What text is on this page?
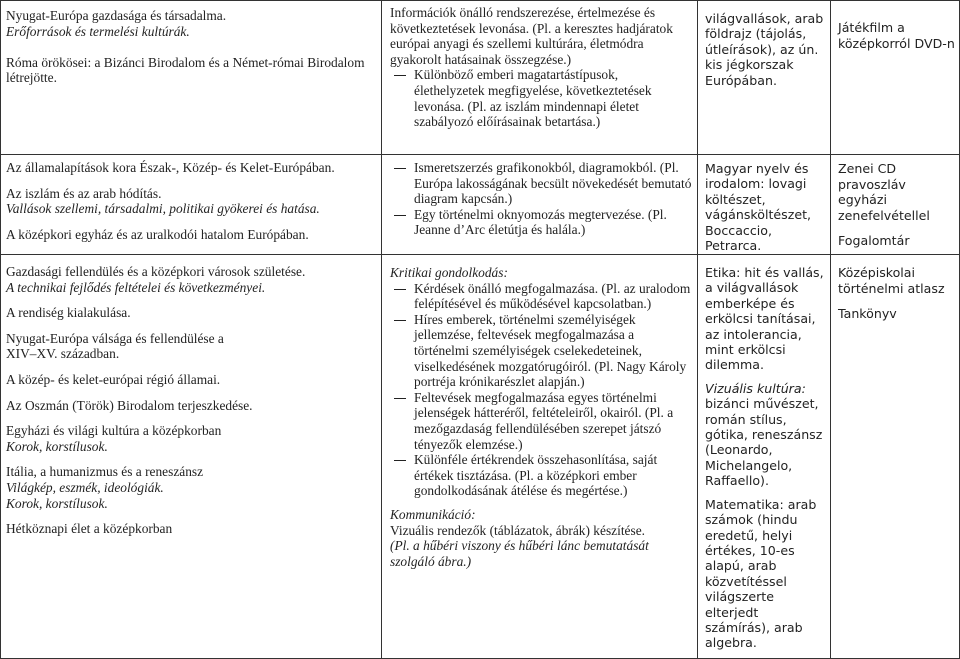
Nyugat-Európa gazdasága és társadalma.

Erőforrások és termelési kultúrák.

Róma örökösei: a Bizánci Birodalom és a Német-római Birodalom létrejötte.

Az államalapítások kora Észak-, Közép- és Kelet-Európában.

Az iszlám és az arab hódítás.

Vallások szellemi, társadalmi, politikai gyökerei és hatása.

A középkori egyház és az uralkodói hatalom Európában.

Gazdasági fellendülés és a középkori városok születése.

A technikai fejlődés feltételei és következményei.

A rendiség kialakulása.

Nyugat-Európa válsága és fellendülése a XIV–XV. században.

A közép- és kelet-európai régió államai.

Az Oszmán (Török) Birodalom terjeszkedése.

Egyházi és világi kultúra a középkorban

Korok, korstílusok.

Itália, a humanizmus és a reneszánsz

Világkép, eszmék, ideológiák.

Korok, korstílusok.

Hétköznapi élet a középkorban

Információk önálló rendszerezése, értelmezése és következtetések levonása. (Pl. a keresztes hadjáratok európai anyagi és szellemi kultúrára, életmódra gyakorolt hatásainak összegzése.)

Különböző emberi magatartástípusok, élethelyzetek megfigyelése, következtetések levonása. (Pl. az iszlám mindennapi életet szabályozó előírásainak betartása.)
Ismeretszerzés grafikonokból, diagramokból. (Pl. Európa lakosságának becsült növekedését bemutató diagram kapcsán.)
Egy történelmi oknyomozás megtervezése. (Pl. Jeanne d’Arc életútja és halála.)

Kritikai gondolkodás:

Kérdések önálló megfogalmazása. (Pl. az uralodom felépítésével és működésével kapcsolatban.)
Híres emberek, történelmi személyiségek jellemzése, feltevések megfogalmazása a történelmi személyiségek cselekedeteinek, viselkedésének mozgatórugóiról. (Pl. Nagy Károly portréja krónikarészlet alapján.)
Feltevések megfogalmazása egyes történelmi jelenségek hátteréről, feltételeiről, okairól. (Pl. a mezőgazdaság fellendülésében szerepet játszó tényezők elemzése.)
Különféle értékrendek összehasonlítása, saját értékek tisztázása. (Pl. a középkori ember gondolkodásának átélése és megértése.)

Kommunikáció:

Vizuális rendezők (táblázatok, ábrák) készítése.

(Pl. a hűbéri viszony és hűbéri lánc bemutatását szolgáló ábra.)

világvallások, arab földrajz (tájolás, útleírások), az ún. kis jégkorszak Európában.

Magyar nyelv és irodalom: lovagi költészet, vágánsköltészet, Boccaccio, Petrarca.

Etika: hit és vallás, a világvallások emberképe és erkölcsi tanításai, az intolerancia, mint erkölcsi dilemma.

Vizuális kultúra:

bizánci művészet, román stílus, gótika, reneszánsz (Leonardo, Michelangelo, Raffaello).

Matematika: arab számok (hindu eredetű, helyi értékes, 10-es alapú, arab közvetítéssel világszerte elterjedt számírás), arab algebra.

Játékfilm a középkorról DVD-n

Zenei CD pravoszláv egyházi zenefelvétellel

Fogalomtár

Középiskolai történelmi atlasz

Tankönyv
